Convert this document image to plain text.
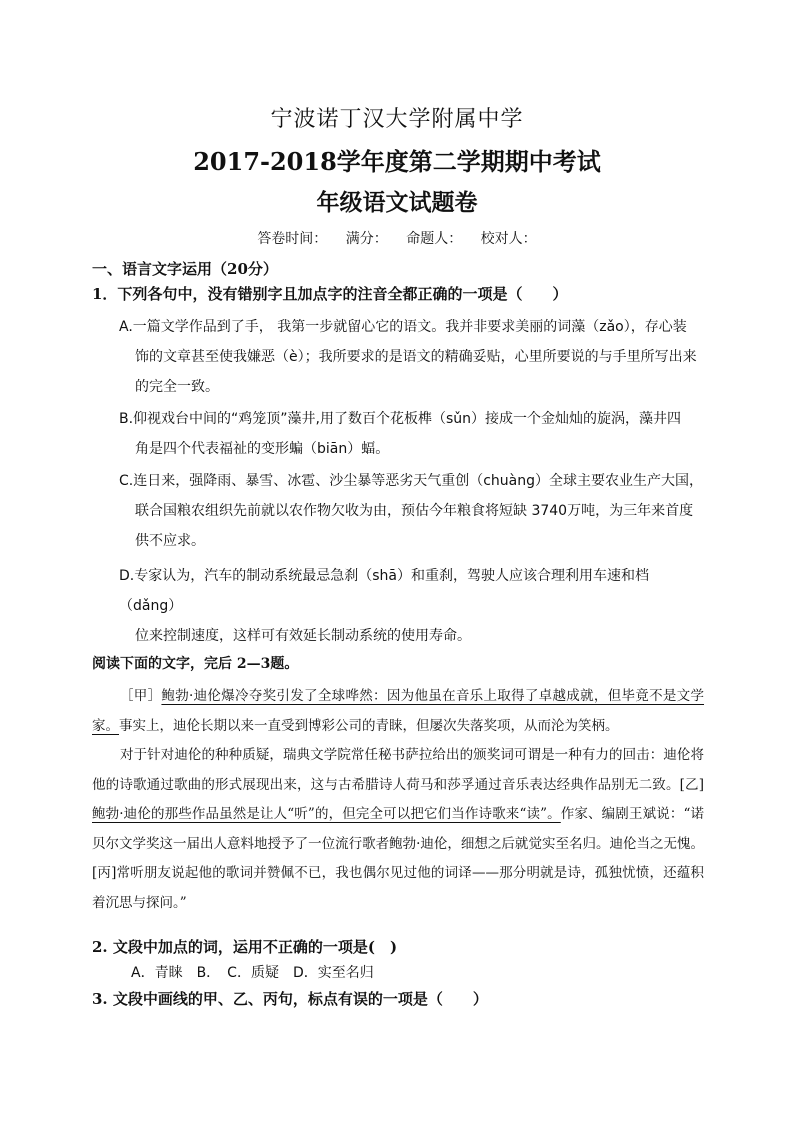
宁波诺丁汉大学附属中学
2017-2018学年度第二学期期中考试
年级语文试题卷
答卷时间： 满分： 命题人： 校对人：
一、语言文字运用（20分）
1．下列各句中，没有错别字且加点字的注音全都正确的一项是（　　）
A.一篇文学作品到了手， 我第一步就留心它的语文。我并非要求美丽的词藻（zǎo），存心装
饰的文章甚至使我嫌恶（è）；我所要求的是语文的精确妥贴，心里所要说的与手里所写出来的完全一致。
B.仰视戏台中间的“鸡笼顶”藻井,用了数百个花板榫（sǔn）接成一个金灿灿的旋涡，藻井四
角是四个代表福祉的变形蝙（biān）蝠。
C.连日来，强降雨、暴雪、冰雹、沙尘暴等恶劣天气重创（chuàng）全球主要农业生产大国，
联合国粮农组织先前就以农作物欠收为由，预估今年粮食将短缺 3740万吨，为三年来首度供不应求。
D.专家认为，汽车的制动系统最忌急刹（shā）和重刹，驾驶人应该合理利用车速和档（dǎng）
位来控制速度，这样可有效延长制动系统的使用寿命。
阅读下面的文字，完后 2—3题。

［甲］鲍勃·迪伦爆冷夺奖引发了全球哗然：因为他虽在音乐上取得了卓越成就，但毕竟不是文学家。事实上，迪伦长期以来一直受到博彩公司的青睐，但屡次失落奖项，从而沦为笑柄。

对于针对迪伦的种种质疑，瑞典文学院常任秘书萨拉给出的颁奖词可谓是一种有力的回击：迪伦将他的诗歌通过歌曲的形式展现出来，这与古希腊诗人荷马和莎孚通过音乐表达经典作品别无二致。[乙]鲍勃·迪伦的那些作品虽然是让人“听”的，但完全可以把它们当作诗歌来“读”。作家、编剧王斌说：“诺贝尔文学奖这一届出人意料地授予了一位流行歌者鲍勃·迪伦，细想之后就觉实至名归。迪伦当之无愧。[丙]常听朋友说起他的歌词并赞佩不已，我也偶尔见过他的词译——那分明就是诗，孤独忧愤，还蕴积着沉思与探问。”

2. 文段中加点的词，运用不正确的一项是(　)
A．青睐　B．　C．质疑　D．实至名归
3. 文段中画线的甲、乙、丙句，标点有误的一项是（　　）
